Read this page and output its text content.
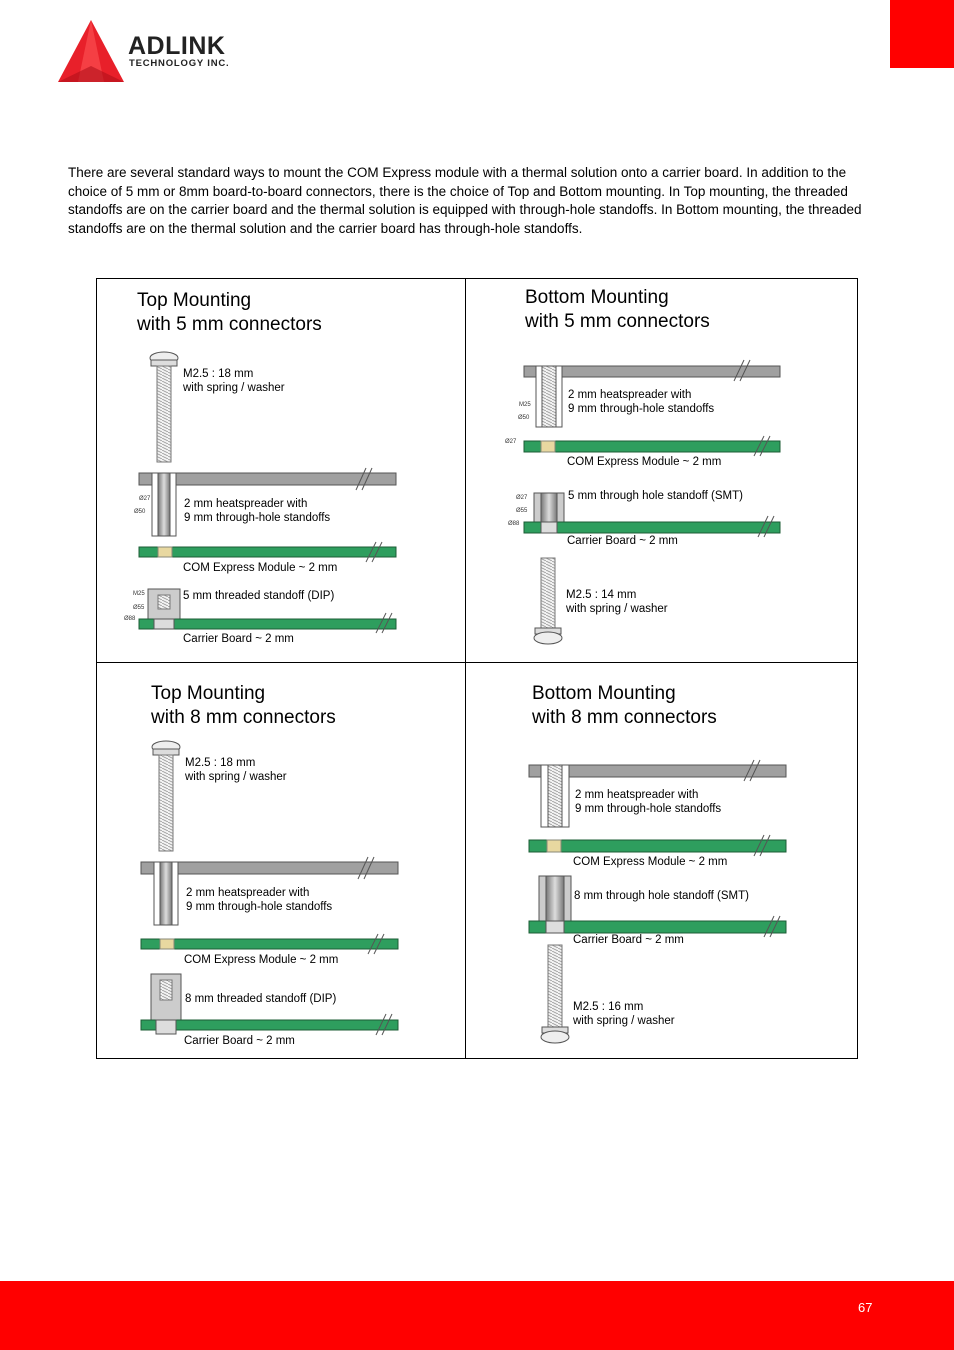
ADLINK
TECHNOLOGY INC.

There are several standard ways to mount the COM Express module with a thermal solution onto a carrier board. In addition to the choice of 5 mm or 8mm board-to-board connectors, there is the choice of Top and Bottom mounting. In Top mounting, the threaded standoffs are on the carrier board and the thermal solution is equipped with through-hole standoffs. In Bottom mounting, the threaded standoffs are on the thermal solution and the carrier board has through-hole standoffs.

Top Mounting
with 5 mm connectors
M2.5 : 18 mm
with spring / washer
2 mm heatspreader with
9 mm through-hole standoffs
COM Express Module ~ 2 mm
5 mm threaded standoff (DIP)
Carrier Board ~ 2 mm
Ø27
Ø50
M25
Ø55
Ø88
Bottom Mounting
with 5 mm connectors
2 mm heatspreader with
9 mm through-hole standoffs
COM Express Module ~ 2 mm
5 mm through hole standoff (SMT)
Carrier Board ~ 2 mm
M2.5 : 14 mm
with spring / washer
M25
Ø50
Ø27
Ø27
Ø55
Ø88
Top Mounting
with 8 mm connectors
M2.5 : 18 mm
with spring / washer
2 mm heatspreader with
9 mm through-hole standoffs
COM Express Module ~ 2 mm
8 mm threaded standoff (DIP)
Carrier Board ~ 2 mm
Bottom Mounting
with 8 mm connectors
2 mm heatspreader with
9 mm through-hole standoffs
COM Express Module ~ 2 mm
8 mm through hole standoff (SMT)
Carrier Board ~ 2 mm
M2.5 : 16 mm
with spring / washer
67
